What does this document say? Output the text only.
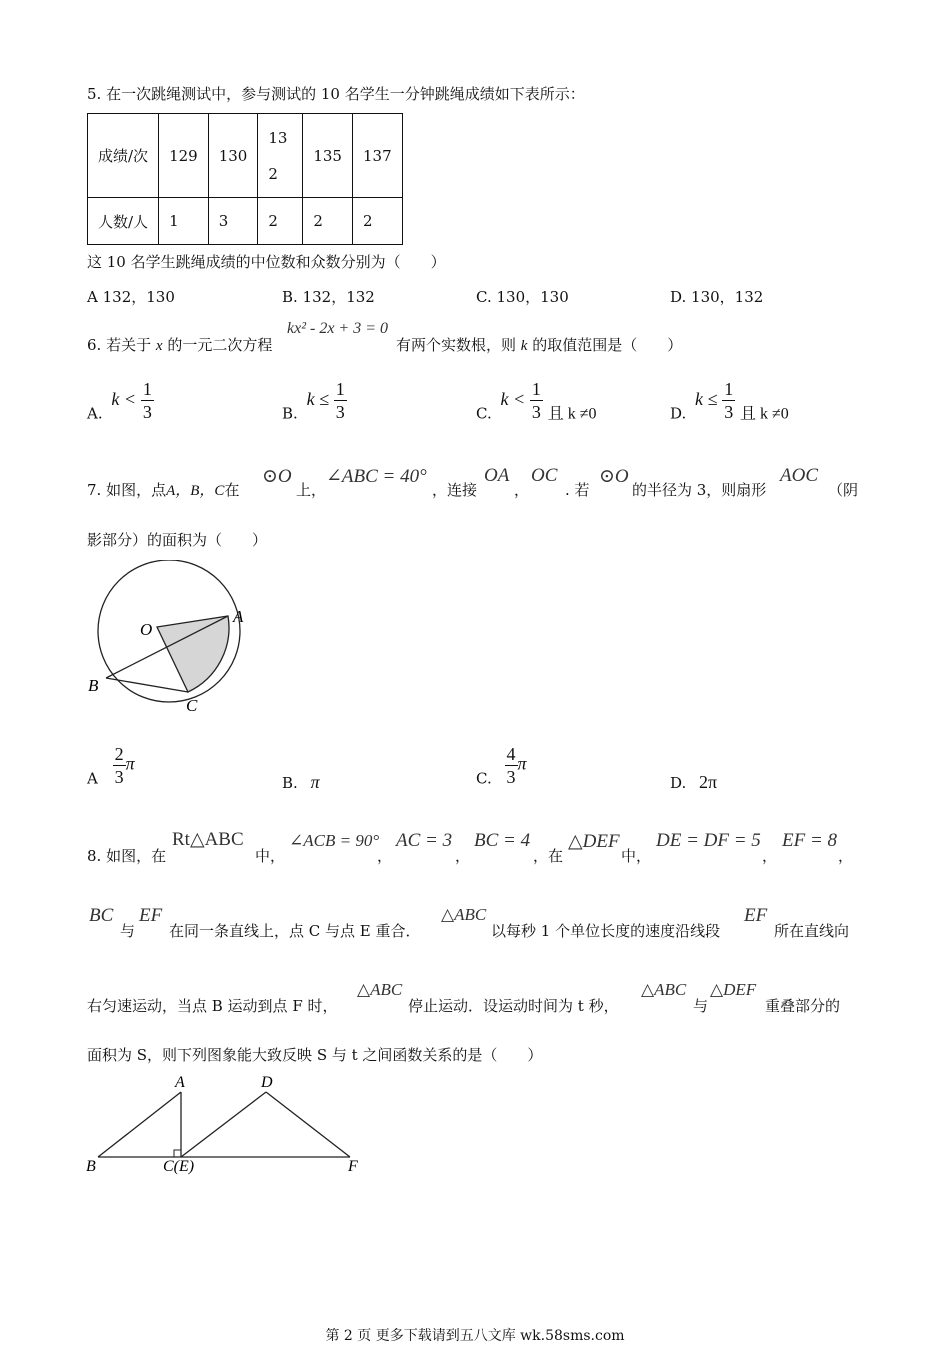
5. 在一次跳绳测试中，参与测试的 10 名学生一分钟跳绳成绩如下表所示：
成绩/次	129	130	132	135	137
人数/人	1	3	2	2	2
这 10 名学生跳绳成绩的中位数和众数分别为（　　）
A 132，130	B. 132，132	C. 130，130	D. 130，132
6. 若关于 x 的一元二次方程
kx² - 2x + 3 = 0
有两个实数根，则 k 的取值范围是（　　）
A. $k < \frac{1}{3}$	B. $k \le \frac{1}{3}$	C. $k < \frac{1}{3}$ 且 k ≠0	D. $k \le \frac{1}{3}$ 且 k ≠0
7. 如图，点A，B，C在
⊙O
上，
∠ABC = 40°
，连接
OA
，
OC
. 若
⊙O
的半径为 3，则扇形
AOC
（阴
影部分）的面积为（　　）
O
A
B
C
A $\frac{2}{3}$ π
B. π	C. $\frac{4}{3}$ π
D. 2π
8. 如图，在
Rt△ABC
中，
∠ACB = 90°
，
AC = 3
，
BC = 4
，在
△DEF
中，
DE = DF = 5
，
EF = 8
，
BC
与
EF
在同一条直线上，点 C 与点 E 重合．
△ABC
以每秒 1 个单位长度的速度沿线段
EF
所在直线向
右匀速运动，当点 B 运动到点 F 时，
△ABC
停止运动．设运动时间为 t 秒，
△ABC
与
△DEF
重叠部分的
面积为 S，则下列图象能大致反映 S 与 t 之间函数关系的是（　　）
A	D
B	C(E)	F
第 2 页 更多下载请到五八文库 wk.58sms.com
